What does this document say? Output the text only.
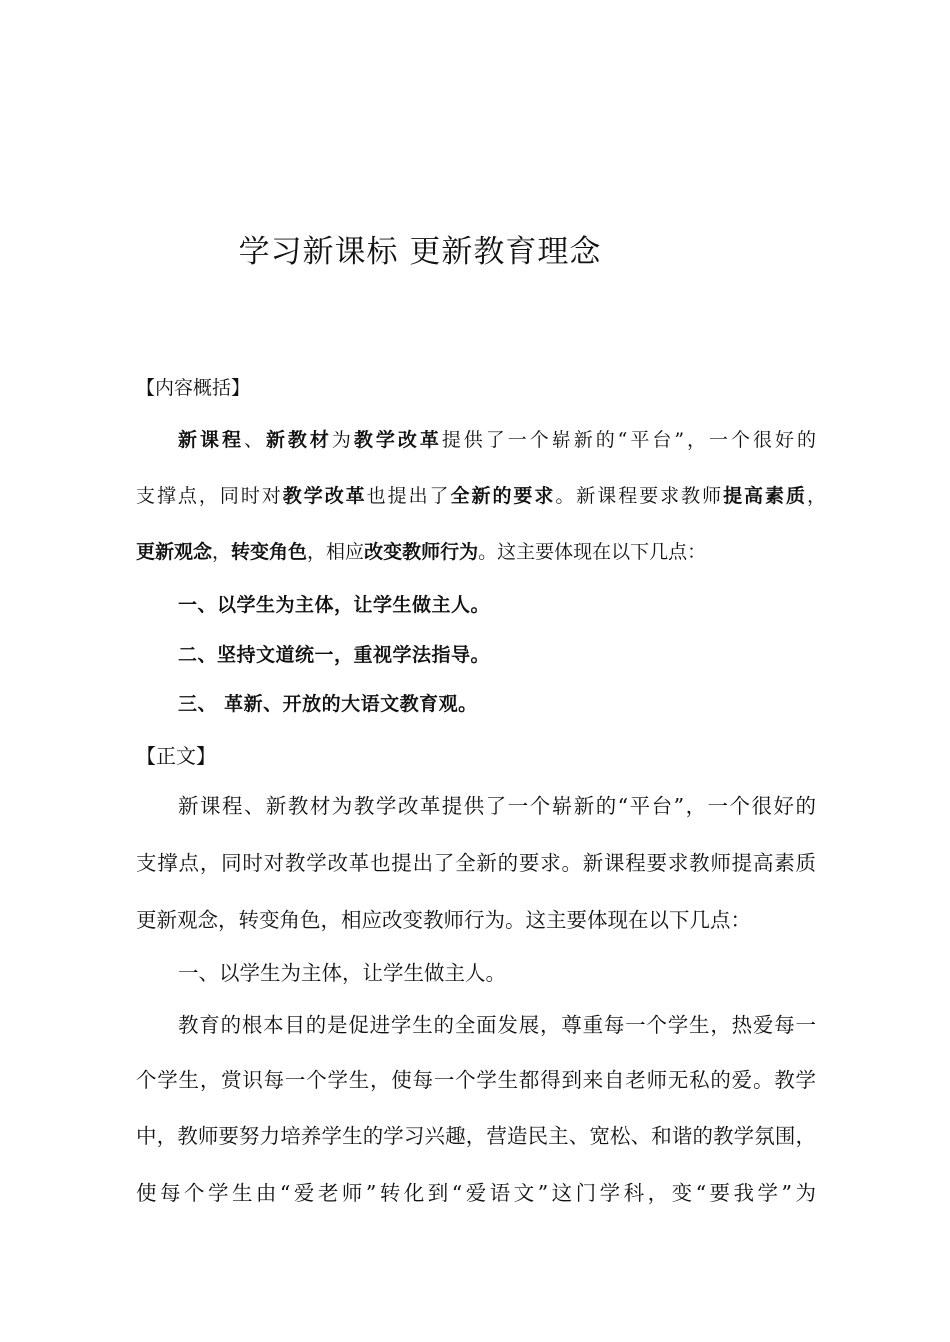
学习新课标 更新教育理念
【内容概括】
新课程、新教材为教学改革提供了一个崭新的“平台”，一个很好的
支撑点，同时对教学改革也提出了全新的要求。新课程要求教师提高素质，
更新观念，转变角色，相应改变教师行为。这主要体现在以下几点：
一、以学生为主体，让学生做主人。
二、坚持文道统一，重视学法指导。
三、 革新、开放的大语文教育观。
【正文】
新课程、新教材为教学改革提供了一个崭新的“平台”，一个很好的
支撑点，同时对教学改革也提出了全新的要求。新课程要求教师提高素质
更新观念，转变角色，相应改变教师行为。这主要体现在以下几点：
一、以学生为主体，让学生做主人。
教育的根本目的是促进学生的全面发展，尊重每一个学生，热爱每一
个学生，赏识每一个学生，使每一个学生都得到来自老师无私的爱。教学
中，教师要努力培养学生的学习兴趣，营造民主、宽松、和谐的教学氛围，
使每个学生由“爱老师”转化到“爱语文”这门学科，变“要我学”为
